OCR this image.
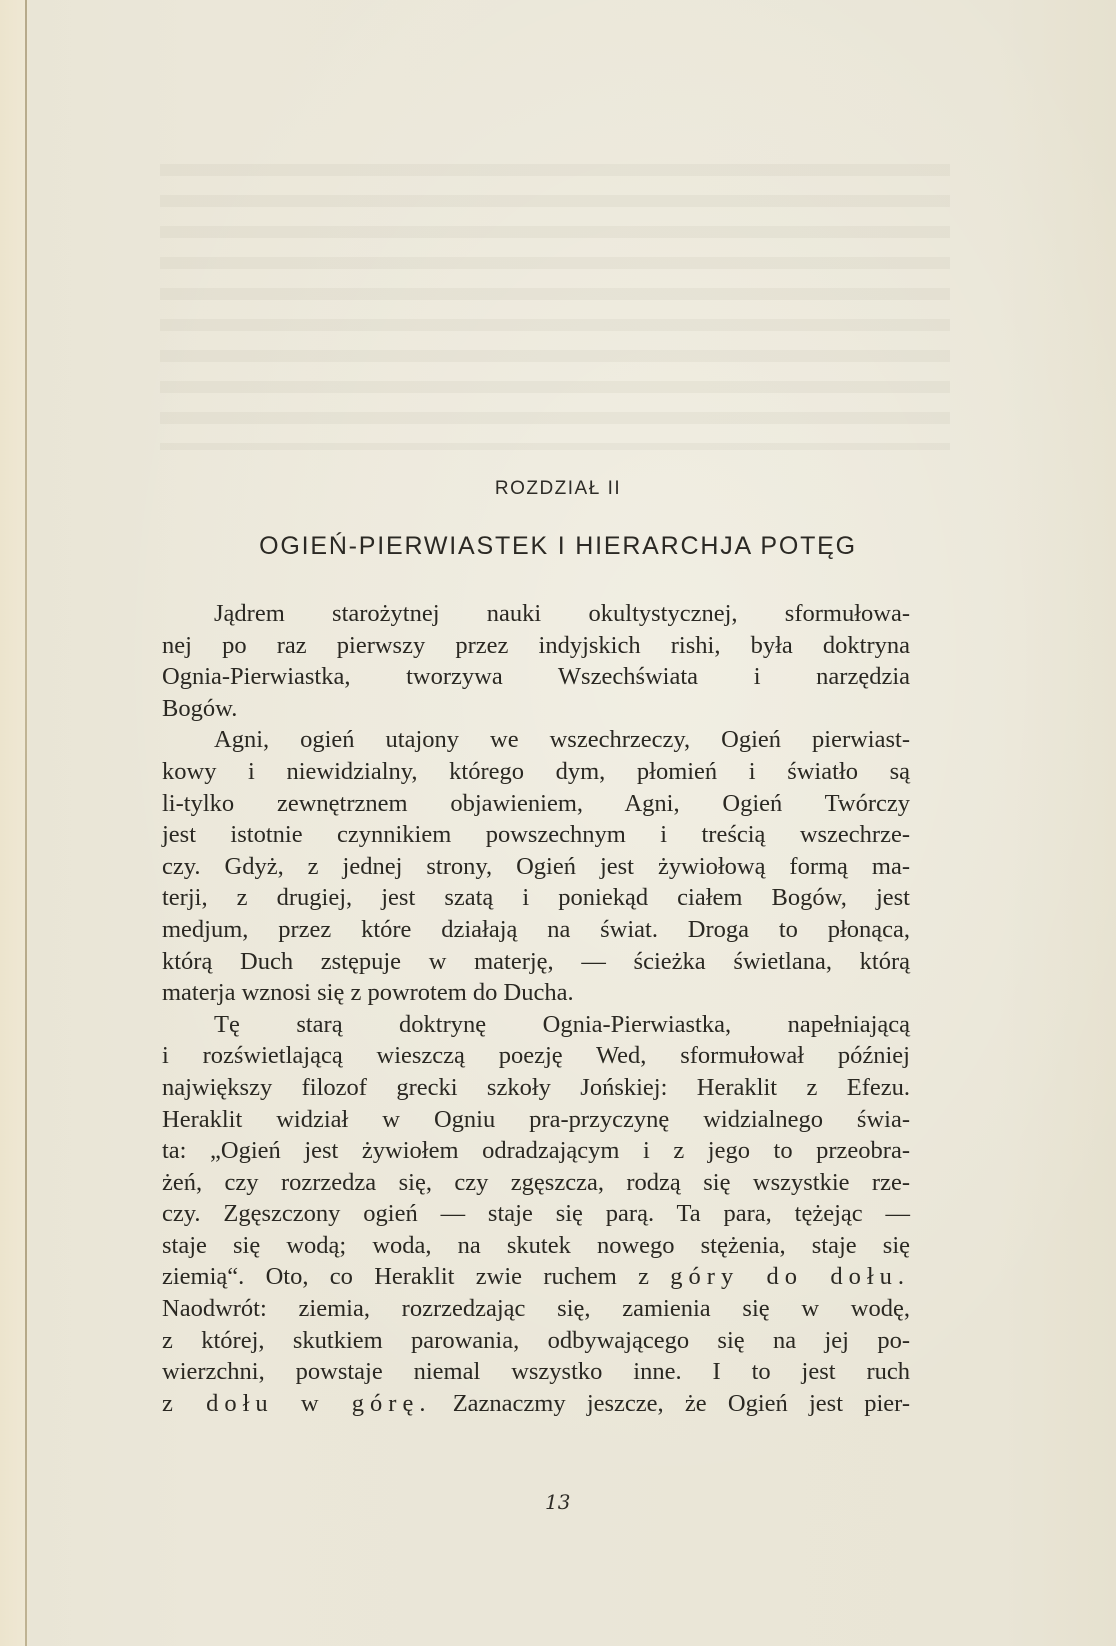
ROZDZIAŁ II
OGIEŃ-PIERWIASTEK I HIERARCHJA POTĘG
Jądrem starożytnej nauki okultystycznej, sformułowa-
nej po raz pierwszy przez indyjskich rishi, była doktryna
Ognia-Pierwiastka, tworzywa Wszechświata i narzędzia
Bogów.
Agni, ogień utajony we wszechrzeczy, Ogień pierwiast-
kowy i niewidzialny, którego dym, płomień i światło są
li-tylko zewnętrznem objawieniem, Agni, Ogień Twórczy
jest istotnie czynnikiem powszechnym i treścią wszechrze-
czy. Gdyż, z jednej strony, Ogień jest żywiołową formą ma-
terji, z drugiej, jest szatą i poniekąd ciałem Bogów, jest
medjum, przez które działają na świat. Droga to płonąca,
którą Duch zstępuje w materję, — ścieżka świetlana, którą
materja wznosi się z powrotem do Ducha.
Tę starą doktrynę Ognia-Pierwiastka, napełniającą
i rozświetlającą wieszczą poezję Wed, sformułował później
największy filozof grecki szkoły Jońskiej: Heraklit z Efezu.
Heraklit widział w Ogniu pra-przyczynę widzialnego świa-
ta: „Ogień jest żywiołem odradzającym i z jego to przeobra-
żeń, czy rozrzedza się, czy zgęszcza, rodzą się wszystkie rze-
czy. Zgęszczony ogień — staje się parą. Ta para, tężejąc —
staje się wodą; woda, na skutek nowego stężenia, staje się
ziemią“. Oto, co Heraklit zwie ruchem z góry do dołu.
Naodwrót: ziemia, rozrzedzając się, zamienia się w wodę,
z której, skutkiem parowania, odbywającego się na jej po-
wierzchni, powstaje niemal wszystko inne. I to jest ruch
z dołu w górę. Zaznaczmy jeszcze, że Ogień jest pier-
13
